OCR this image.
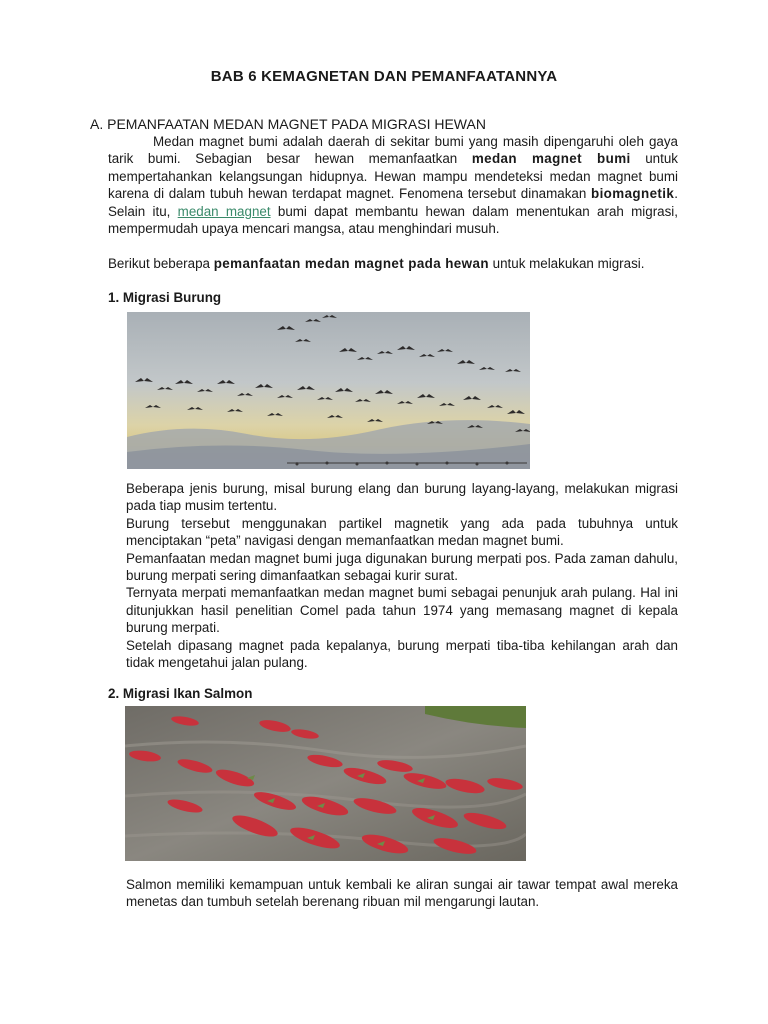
BAB 6 KEMAGNETAN DAN PEMANFAATANNYA
A. PEMANFAATAN MEDAN MAGNET PADA MIGRASI HEWAN
Medan magnet bumi adalah daerah di sekitar bumi yang masih dipengaruhi oleh gaya tarik bumi. Sebagian besar hewan memanfaatkan medan magnet bumi untuk mempertahankan kelangsungan hidupnya. Hewan mampu mendeteksi medan magnet bumi karena di dalam tubuh hewan terdapat magnet. Fenomena tersebut dinamakan biomagnetik. Selain itu, medan magnet bumi dapat membantu hewan dalam menentukan arah migrasi, mempermudah upaya mencari mangsa, atau menghindari musuh.
Berikut beberapa pemanfaatan medan magnet pada hewan untuk melakukan migrasi.
1. Migrasi Burung

Beberapa jenis burung, misal burung elang dan burung layang-layang, melakukan migrasi pada tiap musim tertentu.

Burung tersebut menggunakan partikel magnetik yang ada pada tubuhnya untuk menciptakan “peta” navigasi dengan memanfaatkan medan magnet bumi.

Pemanfaatan medan magnet bumi juga digunakan burung merpati pos. Pada zaman dahulu, burung merpati sering dimanfaatkan sebagai kurir surat.

Ternyata merpati memanfaatkan medan magnet bumi sebagai penunjuk arah pulang. Hal ini ditunjukkan hasil penelitian Comel pada tahun 1974 yang memasang magnet di kepala burung merpati.

Setelah dipasang magnet pada kepalanya, burung merpati tiba-tiba kehilangan arah dan tidak mengetahui jalan pulang.

2. Migrasi Ikan Salmon

Salmon memiliki kemampuan untuk kembali ke aliran sungai air tawar tempat awal mereka menetas dan tumbuh setelah berenang ribuan mil mengarungi lautan.
